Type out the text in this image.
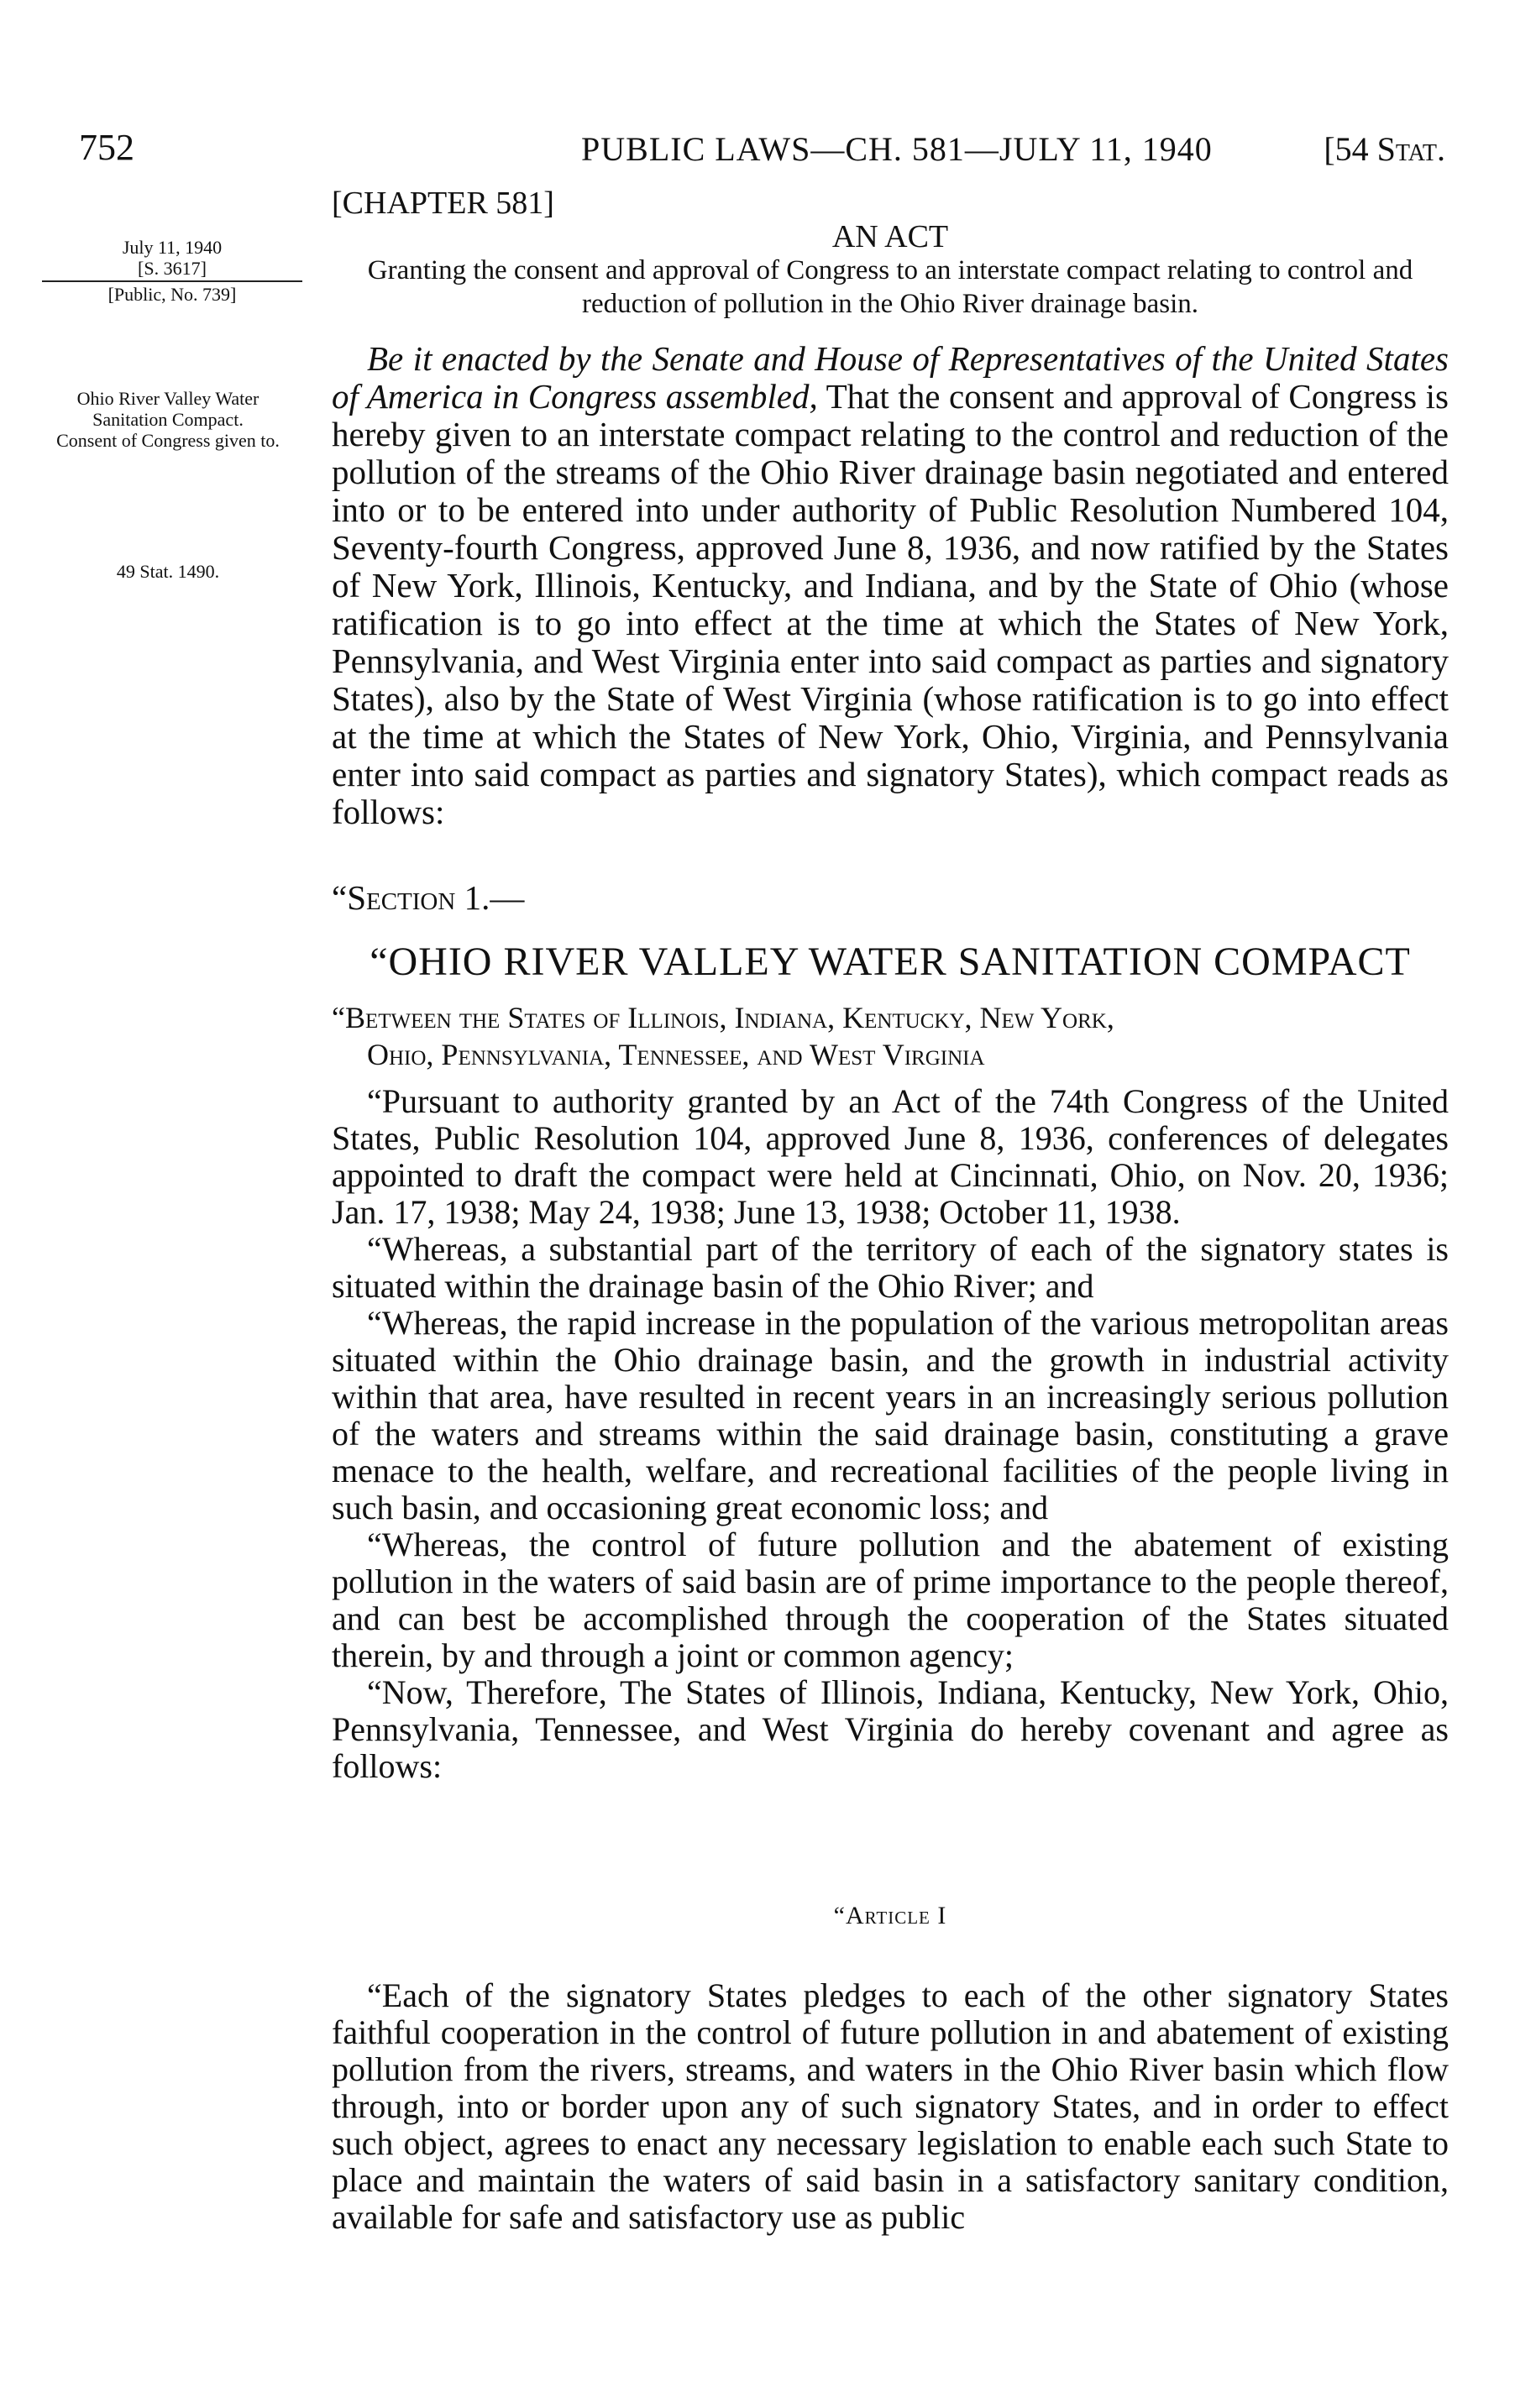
752	PUBLIC LAWS—CH. 581—JULY 11, 1940	[54 Stat.
July 11, 1940
[S. 3617]
[Public, No. 739]
Ohio River Valley Water Sanitation Compact.
Consent of Congress given to.
49 Stat. 1490.
[CHAPTER 581]
AN ACT
Granting the consent and approval of Congress to an interstate compact relating to control and reduction of pollution in the Ohio River drainage basin.

Be it enacted by the Senate and House of Representatives of the United States of America in Congress assembled, That the consent and approval of Congress is hereby given to an interstate compact relating to the control and reduction of the pollution of the streams of the Ohio River drainage basin negotiated and entered into or to be entered into under authority of Public Resolution Numbered 104, Seventy-fourth Congress, approved June 8, 1936, and now ratified by the States of New York, Illinois, Kentucky, and Indiana, and by the State of Ohio (whose ratification is to go into effect at the time at which the States of New York, Pennsylvania, and West Virginia enter into said compact as parties and signatory States), also by the State of West Virginia (whose ratification is to go into effect at the time at which the States of New York, Ohio, Virginia, and Pennsylvania enter into said compact as parties and signatory States), which compact reads as follows:

“Section 1.—
“OHIO RIVER VALLEY WATER SANITATION COMPACT
“Between the States of Illinois, Indiana, Kentucky, New York,
Ohio, Pennsylvania, Tennessee, and West Virginia

“Pursuant to authority granted by an Act of the 74th Congress of the United States, Public Resolution 104, approved June 8, 1936, conferences of delegates appointed to draft the compact were held at Cincinnati, Ohio, on Nov. 20, 1936; Jan. 17, 1938; May 24, 1938; June 13, 1938; October 11, 1938.

“Whereas, a substantial part of the territory of each of the signatory states is situated within the drainage basin of the Ohio River; and

“Whereas, the rapid increase in the population of the various metropolitan areas situated within the Ohio drainage basin, and the growth in industrial activity within that area, have resulted in recent years in an increasingly serious pollution of the waters and streams within the said drainage basin, constituting a grave menace to the health, welfare, and recreational facilities of the people living in such basin, and occasioning great economic loss; and

“Whereas, the control of future pollution and the abatement of existing pollution in the waters of said basin are of prime importance to the people thereof, and can best be accomplished through the cooperation of the States situated therein, by and through a joint or common agency;

“Now, Therefore, The States of Illinois, Indiana, Kentucky, New York, Ohio, Pennsylvania, Tennessee, and West Virginia do hereby covenant and agree as follows:

“Article I

“Each of the signatory States pledges to each of the other signatory States faithful cooperation in the control of future pollution in and abatement of existing pollution from the rivers, streams, and waters in the Ohio River basin which flow through, into or border upon any of such signatory States, and in order to effect such object, agrees to enact any necessary legislation to enable each such State to place and maintain the waters of said basin in a satisfactory sanitary condition, available for safe and satisfactory use as public
